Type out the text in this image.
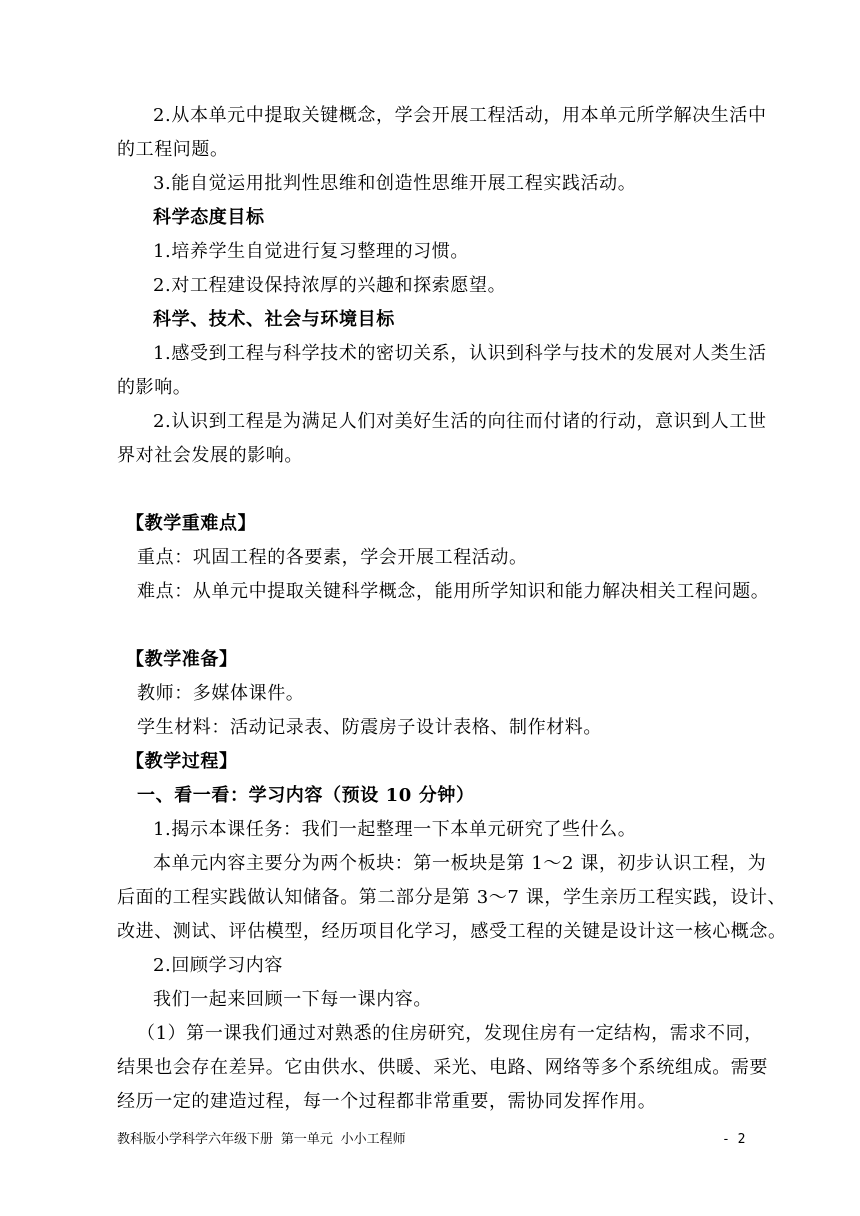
2.从本单元中提取关键概念，学会开展工程活动，用本单元所学解决生活中
的工程问题。
3.能自觉运用批判性思维和创造性思维开展工程实践活动。
科学态度目标
1.培养学生自觉进行复习整理的习惯。
2.对工程建设保持浓厚的兴趣和探索愿望。
科学、技术、社会与环境目标
1.感受到工程与科学技术的密切关系，认识到科学与技术的发展对人类生活
的影响。
2.认识到工程是为满足人们对美好生活的向往而付诸的行动，意识到人工世
界对社会发展的影响。
【教学重难点】
重点：巩固工程的各要素，学会开展工程活动。
难点：从单元中提取关键科学概念，能用所学知识和能力解决相关工程问题。
【教学准备】
教师：多媒体课件。
学生材料：活动记录表、防震房子设计表格、制作材料。
【教学过程】
一、看一看：学习内容（预设 10 分钟）
1.揭示本课任务：我们一起整理一下本单元研究了些什么。
本单元内容主要分为两个板块：第一板块是第 1～2 课，初步认识工程，为
后面的工程实践做认知储备。第二部分是第 3～7 课，学生亲历工程实践，设计、
改进、测试、评估模型，经历项目化学习，感受工程的关键是设计这一核心概念。
2.回顾学习内容
我们一起来回顾一下每一课内容。
（1）第一课我们通过对熟悉的住房研究，发现住房有一定结构，需求不同，
结果也会存在差异。它由供水、供暖、采光、电路、网络等多个系统组成。需要
经历一定的建造过程，每一个过程都非常重要，需协同发挥作用。
教科版小学科学六年级下册 第一单元 小小工程师	- 2
